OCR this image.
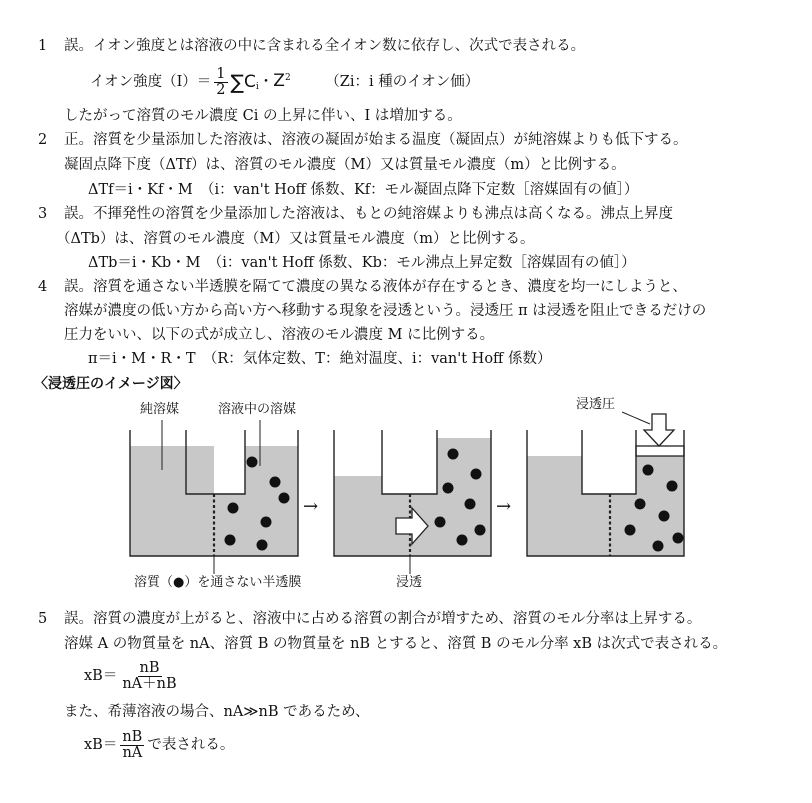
1 誤。イオン強度とは溶液の中に含まれる全イオン数に依存し、次式で表される。
イオン強度$(I)= \frac{1}{2} \sum C_i$・$Z^2$ （Zi：i 種のイオン価）
したがって溶質のモル濃度 Ci の上昇に伴い、I は増加する。
2 正。溶質を少量添加した溶液は、溶液の凝固が始まる温度（凝固点）が純溶媒よりも低下する。
凝固点降下度（ΔTf）は、溶質のモル濃度（M）又は質量モル濃度（m）と比例する。
ΔTf＝i・Kf・M　（i：van't Hoff 係数、Kf：モル凝固点降下定数［溶媒固有の値］）
3 誤。不揮発性の溶質を少量添加した溶液は、もとの純溶媒よりも沸点は高くなる。沸点上昇度
（ΔTb）は、溶質のモル濃度（M）又は質量モル濃度（m）と比例する。
ΔTb＝i・Kb・M　（i：van't Hoff 係数、Kb：モル沸点上昇定数［溶媒固有の値］）
4 誤。溶質を通さない半透膜を隔てて濃度の異なる液体が存在するとき、濃度を均一にしようと、
溶媒が濃度の低い方から高い方へ移動する現象を浸透という。浸透圧 π は浸透を阻止できるだけの
圧力をいい、以下の式が成立し、溶液のモル濃度 M に比例する。
π＝i・M・R・T　（R：気体定数、T：絶対温度、i：van't Hoff 係数）
〈浸透圧のイメージ図〉
→	→
純溶媒	溶液中の溶媒	浸透圧
溶質（●）を通さない半透膜	浸透
5 誤。溶質の濃度が上がると、溶液中に占める溶質の割合が増すため、溶質のモル分率は上昇する。
溶媒 A の物質量を nA、溶質 B の物質量を nB とすると、溶質 B のモル分率 xB は次式で表される。
$xB= \frac{nB}{nA+nB}$
また、希薄溶液の場合、nA≫nB であるため、
$xB= \frac{nB}{nA}$ で表される。
